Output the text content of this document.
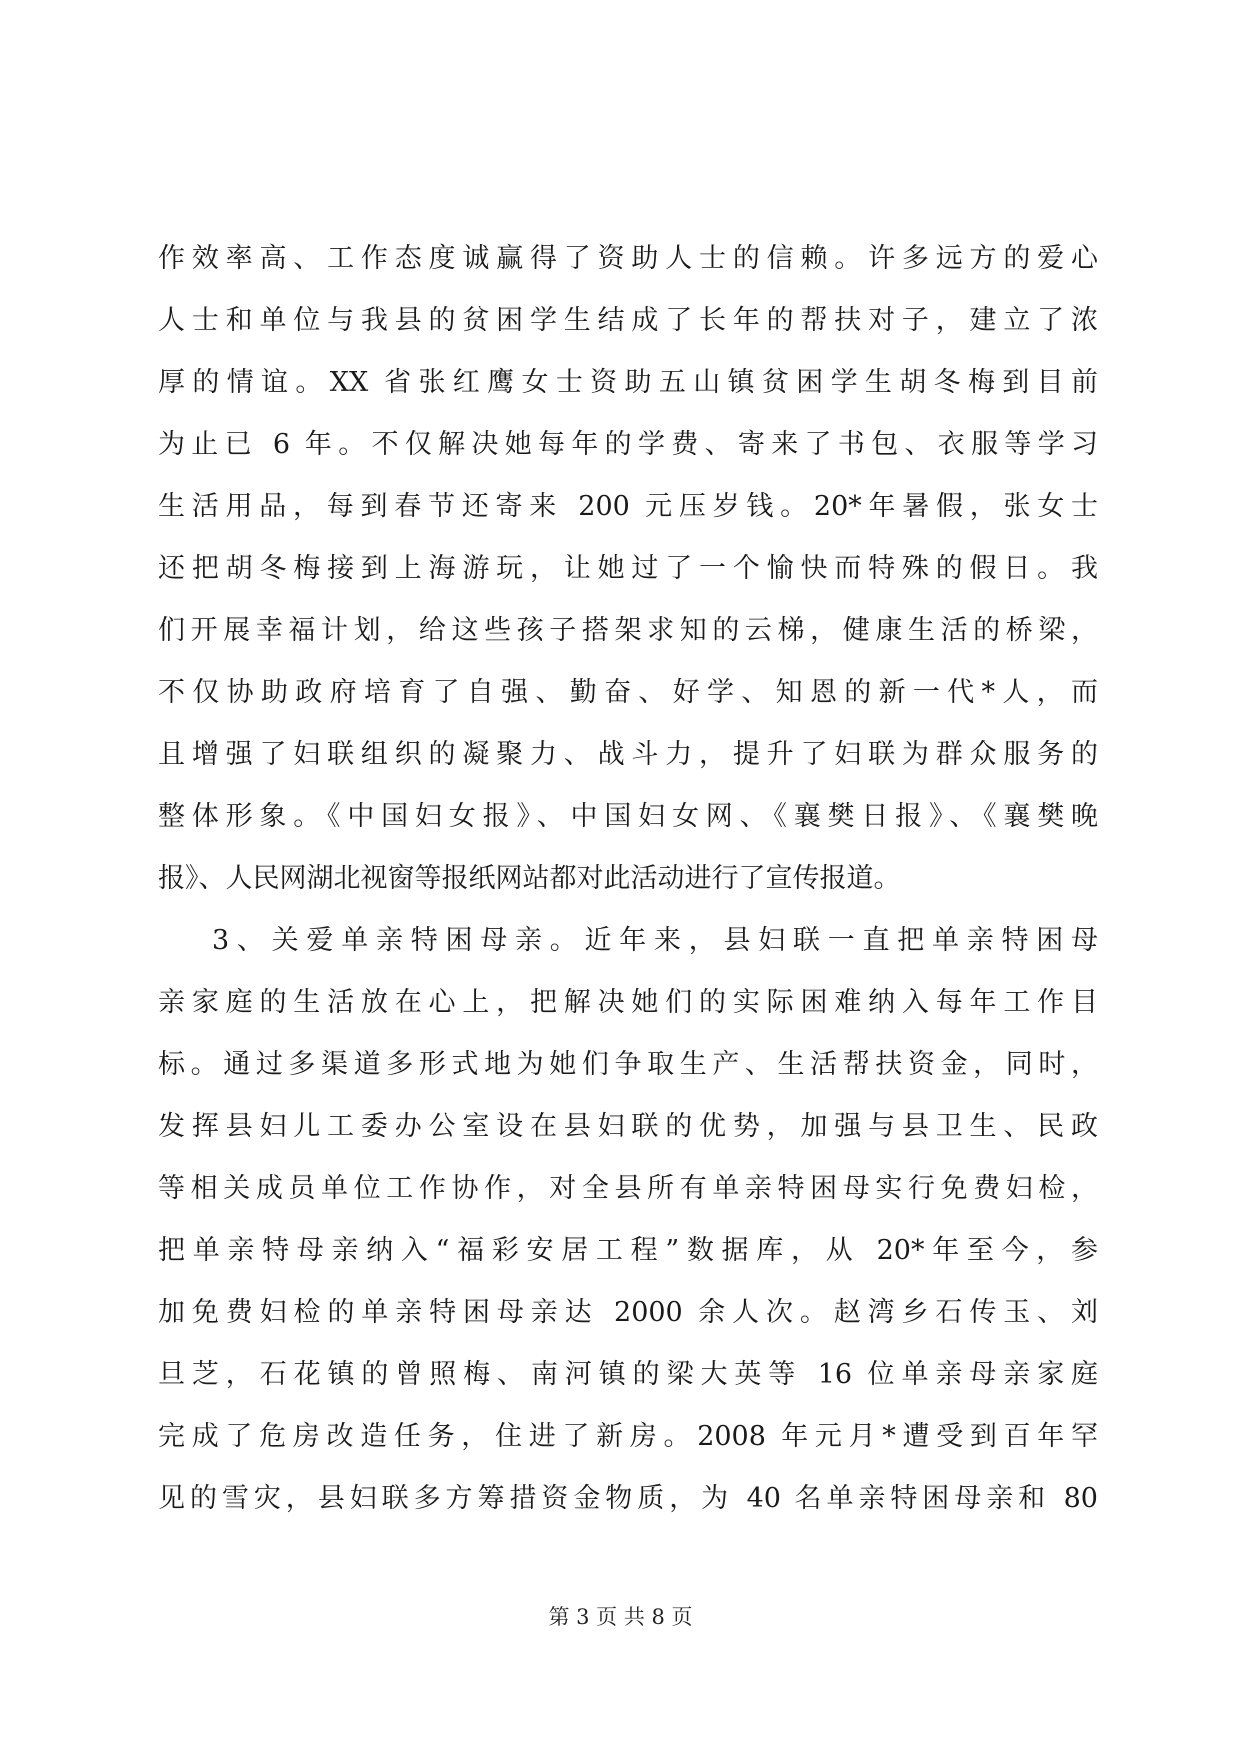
作效率高、工作态度诚赢得了资助人士的信赖。许多远方的爱心
人士和单位与我县的贫困学生结成了长年的帮扶对子，建立了浓
厚的情谊。XX 省张红鹰女士资助五山镇贫困学生胡冬梅到目前
为止已 6 年。不仅解决她每年的学费、寄来了书包、衣服等学习
生活用品，每到春节还寄来 200 元压岁钱。20*年暑假，张女士
还把胡冬梅接到上海游玩，让她过了一个愉快而特殊的假日。我
们开展幸福计划，给这些孩子搭架求知的云梯，健康生活的桥梁，
不仅协助政府培育了自强、勤奋、好学、知恩的新一代*人，而
且增强了妇联组织的凝聚力、战斗力，提升了妇联为群众服务的
整体形象。《中国妇女报》、中国妇女网、《襄樊日报》、《襄樊晚
报》、人民网湖北视窗等报纸网站都对此活动进行了宣传报道。
3、关爱单亲特困母亲。近年来，县妇联一直把单亲特困母
亲家庭的生活放在心上，把解决她们的实际困难纳入每年工作目
标。通过多渠道多形式地为她们争取生产、生活帮扶资金，同时，
发挥县妇儿工委办公室设在县妇联的优势，加强与县卫生、民政
等相关成员单位工作协作，对全县所有单亲特困母实行免费妇检，
把单亲特母亲纳入“福彩安居工程”数据库，从 20*年至今，参
加免费妇检的单亲特困母亲达 2000 余人次。赵湾乡石传玉、刘
旦芝，石花镇的曾照梅、南河镇的梁大英等 16 位单亲母亲家庭
完成了危房改造任务，住进了新房。2008 年元月*遭受到百年罕
见的雪灾，县妇联多方筹措资金物质，为 40 名单亲特困母亲和 80
第 3 页 共 8 页
